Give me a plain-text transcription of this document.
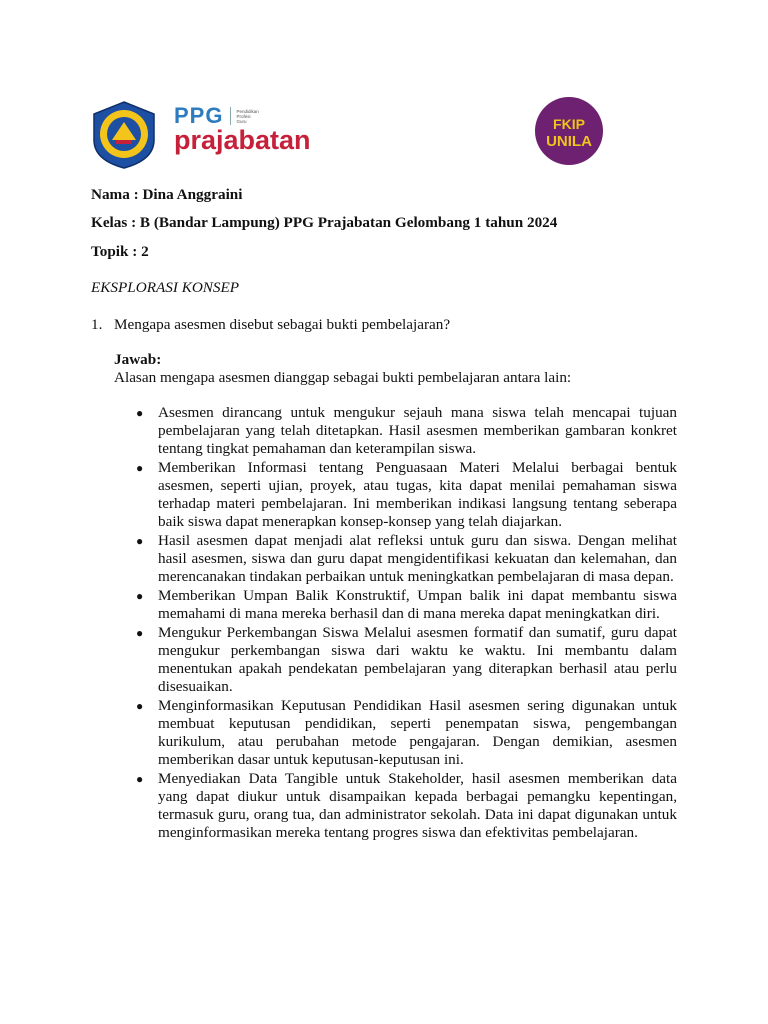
PPG	Pendidikan
Profesi
Guru
prajabatan
FKIP
UNILA
Nama : Dina Anggraini
Kelas : B (Bandar Lampung) PPG Prajabatan Gelombang 1 tahun 2024
Topik : 2
EKSPLORASI KONSEP
1. Mengapa asesmen disebut sebagai bukti pembelajaran?
Jawab:
Alasan mengapa asesmen dianggap sebagai bukti pembelajaran antara lain:
● Asesmen dirancang untuk mengukur sejauh mana siswa telah mencapai tujuan pembelajaran yang telah ditetapkan. Hasil asesmen memberikan gambaran konkret tentang tingkat pemahaman dan keterampilan siswa.
● Memberikan Informasi tentang Penguasaan Materi Melalui berbagai bentuk asesmen, seperti ujian, proyek, atau tugas, kita dapat menilai pemahaman siswa terhadap materi pembelajaran. Ini memberikan indikasi langsung tentang seberapa baik siswa dapat menerapkan konsep-konsep yang telah diajarkan.
● Hasil asesmen dapat menjadi alat refleksi untuk guru dan siswa. Dengan melihat hasil asesmen, siswa dan guru dapat mengidentifikasi kekuatan dan kelemahan, dan merencanakan tindakan perbaikan untuk meningkatkan pembelajaran di masa depan.
● Memberikan Umpan Balik Konstruktif, Umpan balik ini dapat membantu siswa memahami di mana mereka berhasil dan di mana mereka dapat meningkatkan diri.
● Mengukur Perkembangan Siswa Melalui asesmen formatif dan sumatif, guru dapat mengukur perkembangan siswa dari waktu ke waktu. Ini membantu dalam menentukan apakah pendekatan pembelajaran yang diterapkan berhasil atau perlu disesuaikan.
● Menginformasikan Keputusan Pendidikan Hasil asesmen sering digunakan untuk membuat keputusan pendidikan, seperti penempatan siswa, pengembangan kurikulum, atau perubahan metode pengajaran. Dengan demikian, asesmen memberikan dasar untuk keputusan-keputusan ini.
● Menyediakan Data Tangible untuk Stakeholder, hasil asesmen memberikan data yang dapat diukur untuk disampaikan kepada berbagai pemangku kepentingan, termasuk guru, orang tua, dan administrator sekolah. Data ini dapat digunakan untuk menginformasikan mereka tentang progres siswa dan efektivitas pembelajaran.
